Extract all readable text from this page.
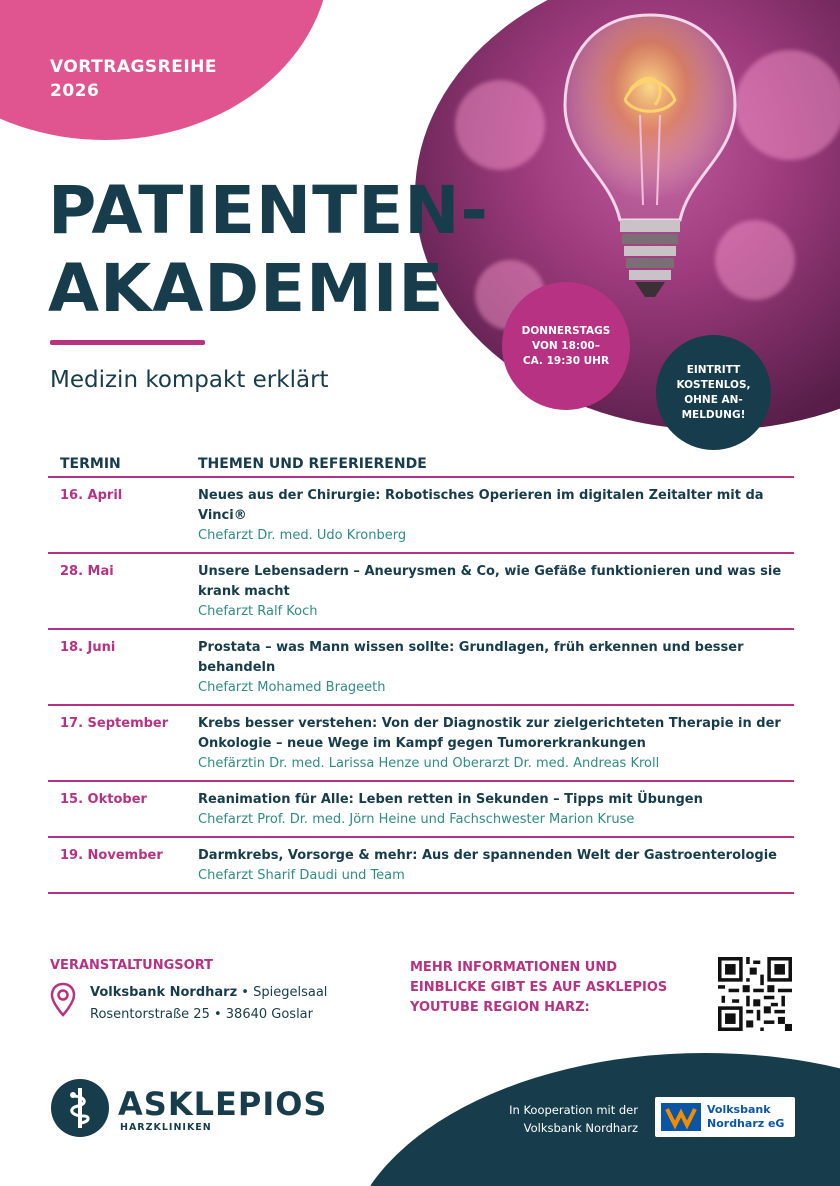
VORTRAGSREIHE
2026
PATIENTEN-
AKADEMIE
Medizin kompakt erklärt
DONNERSTAGS
VON 18:00–
CA. 19:30 UHR
EINTRITT
KOSTENLOS,
OHNE AN-
MELDUNG!
TERMIN	THEMEN UND REFERIERENDE
16. April	Neues aus der Chirurgie: Robotisches Operieren im digitalen Zeitalter mit da Vinci®
Chefarzt Dr. med. Udo Kronberg
28. Mai	Unsere Lebensadern – Aneurysmen & Co, wie Gefäße funktionieren und was sie krank macht
Chefarzt Ralf Koch
18. Juni	Prostata – was Mann wissen sollte: Grundlagen, früh erkennen und besser behandeln
Chefarzt Mohamed Brageeth
17. September	Krebs besser verstehen: Von der Diagnostik zur zielgerichteten Therapie in der Onkologie – neue Wege im Kampf gegen Tumorerkrankungen
Chefärztin Dr. med. Larissa Henze und Oberarzt Dr. med. Andreas Kroll
15. Oktober	Reanimation für Alle: Leben retten in Sekunden – Tipps mit Übungen
Chefarzt Prof. Dr. med. Jörn Heine und Fachschwester Marion Kruse
19. November	Darmkrebs, Vorsorge & mehr: Aus der spannenden Welt der Gastroenterologie
Chefarzt Sharif Daudi und Team
VERANSTALTUNGSORT
Volksbank Nordharz • Spiegelsaal
Rosentorstraße 25 • 38640 Goslar
MEHR INFORMATIONEN UND EINBLICKE GIBT ES AUF ASKLEPIOS YOUTUBE REGION HARZ:
ASKLEPIOS
HARZKLINIKEN
In Kooperation mit der Volksbank Nordharz
Volksbank
Nordharz eG
